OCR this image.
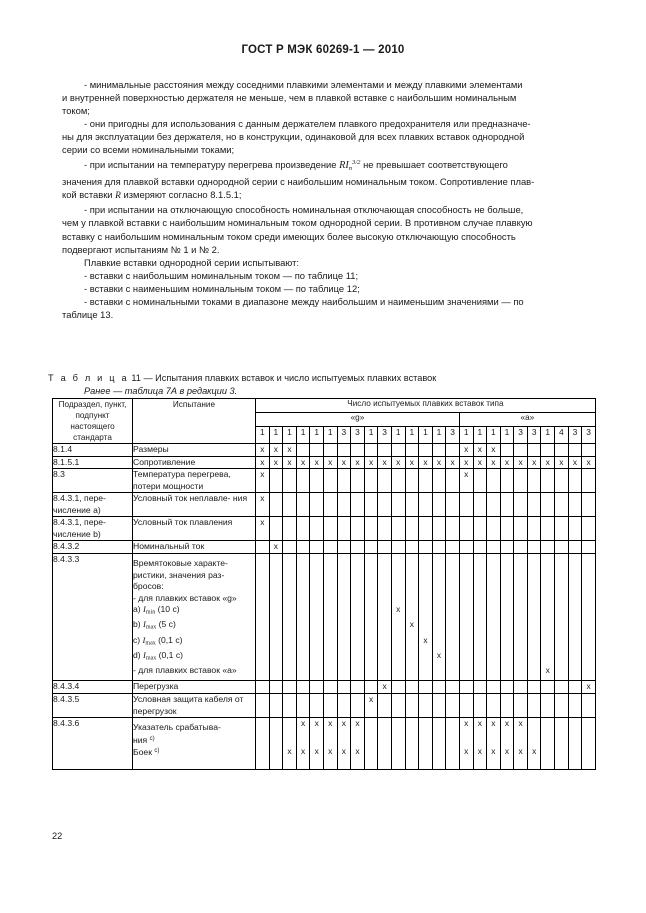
ГОСТ Р МЭК 60269-1 — 2010

- минимальные расстояния между соседними плавкими элементами и между плавкими элементами
и внутренней поверхностью держателя не меньше, чем в плавкой вставке с наибольшим номинальным
током;

- они пригодны для использования с данным держателем плавкого предохранителя или предназначе-
ны для эксплуатации без держателя, но в конструкции, одинаковой для всех плавких вставок однородной
серии со всеми номинальными токами;

- при испытании на температуру перегрева произведение $RI_п^{3/2}$ не превышает соответствующего
значения для плавкой вставки однородной серии с наибольшим номинальным током. Сопротивление плав-
кой вставки R измеряют согласно 8.1.5.1;

- при испытании на отключающую способность номинальная отключающая способность не больше,
чем у плавкой вставки с наибольшим номинальным током однородной серии. В противном случае плавкую
вставку с наибольшим номинальным током среди имеющих более высокую отключающую способность
подвергают испытаниям № 1 и № 2.

Плавкие вставки однородной серии испытывают:
- вставки с наибольшим номинальным током — по таблице 11;
- вставки с наименьшим номинальным током — по таблице 12;
- вставки с номинальными токами в диапазоне между наибольшим и наименьшим значениями — по
таблице 13.

Т а б л и ц а 11 — Испытания плавких вставок и число испытуемых плавких вставок
Ранее — таблица 7А в редакции 3.
Подраздел, пункт, подпункт настоящего стандарта	Испытание	Число испытуемых плавких вставок типа																								
		«g»															«a»									
		1	1	1	1	1	1	3	3	1	3	1	1	1	1	3	1	1	1	1	3	3	1	4	3	3
8.1.4	Размеры	x	x	x													x	x	x							
8.1.5.1	Сопротивление	x	x	x	x	x	x	x	x	x	x	x	x	x	x	x	x	x	x	x	x	x	x	x	x	x
8.3	Температура перегрева, потери мощности	x															x									
8.4.3.1, пере- числение a)	Условный ток неплавле- ния	x																								
8.4.3.1, пере- числение b)	Условный ток плавления	x																								
8.4.3.2	Номинальный ток		x																							
8.4.3.3	Времятоковые характе-																									
	ристики, значения раз-																									
	бросов:																									
	- для плавких вставок «g»																									
	a) $I_{min}$ (10 c)											x														
	b) $I_{max}$ (5 c)												x													
	c) $I_{max}$ (0,1 c)													x												
	d) $I_{max}$ (0,1 c)														x											
	- для плавких вставок «a»																						x			
8.4.3.4	Перегрузка										x															x
8.4.3.5	Условная защита кабеля от перегрузок									x																
8.4.3.6	Указатель срабатыва-				x	x	x	x	x								x	x	x	x	x					
	ния $^{c)}$																									
	Боек $^{c)}$			x	x	x	x	x	x								x	x	x	x	x	x				
22
